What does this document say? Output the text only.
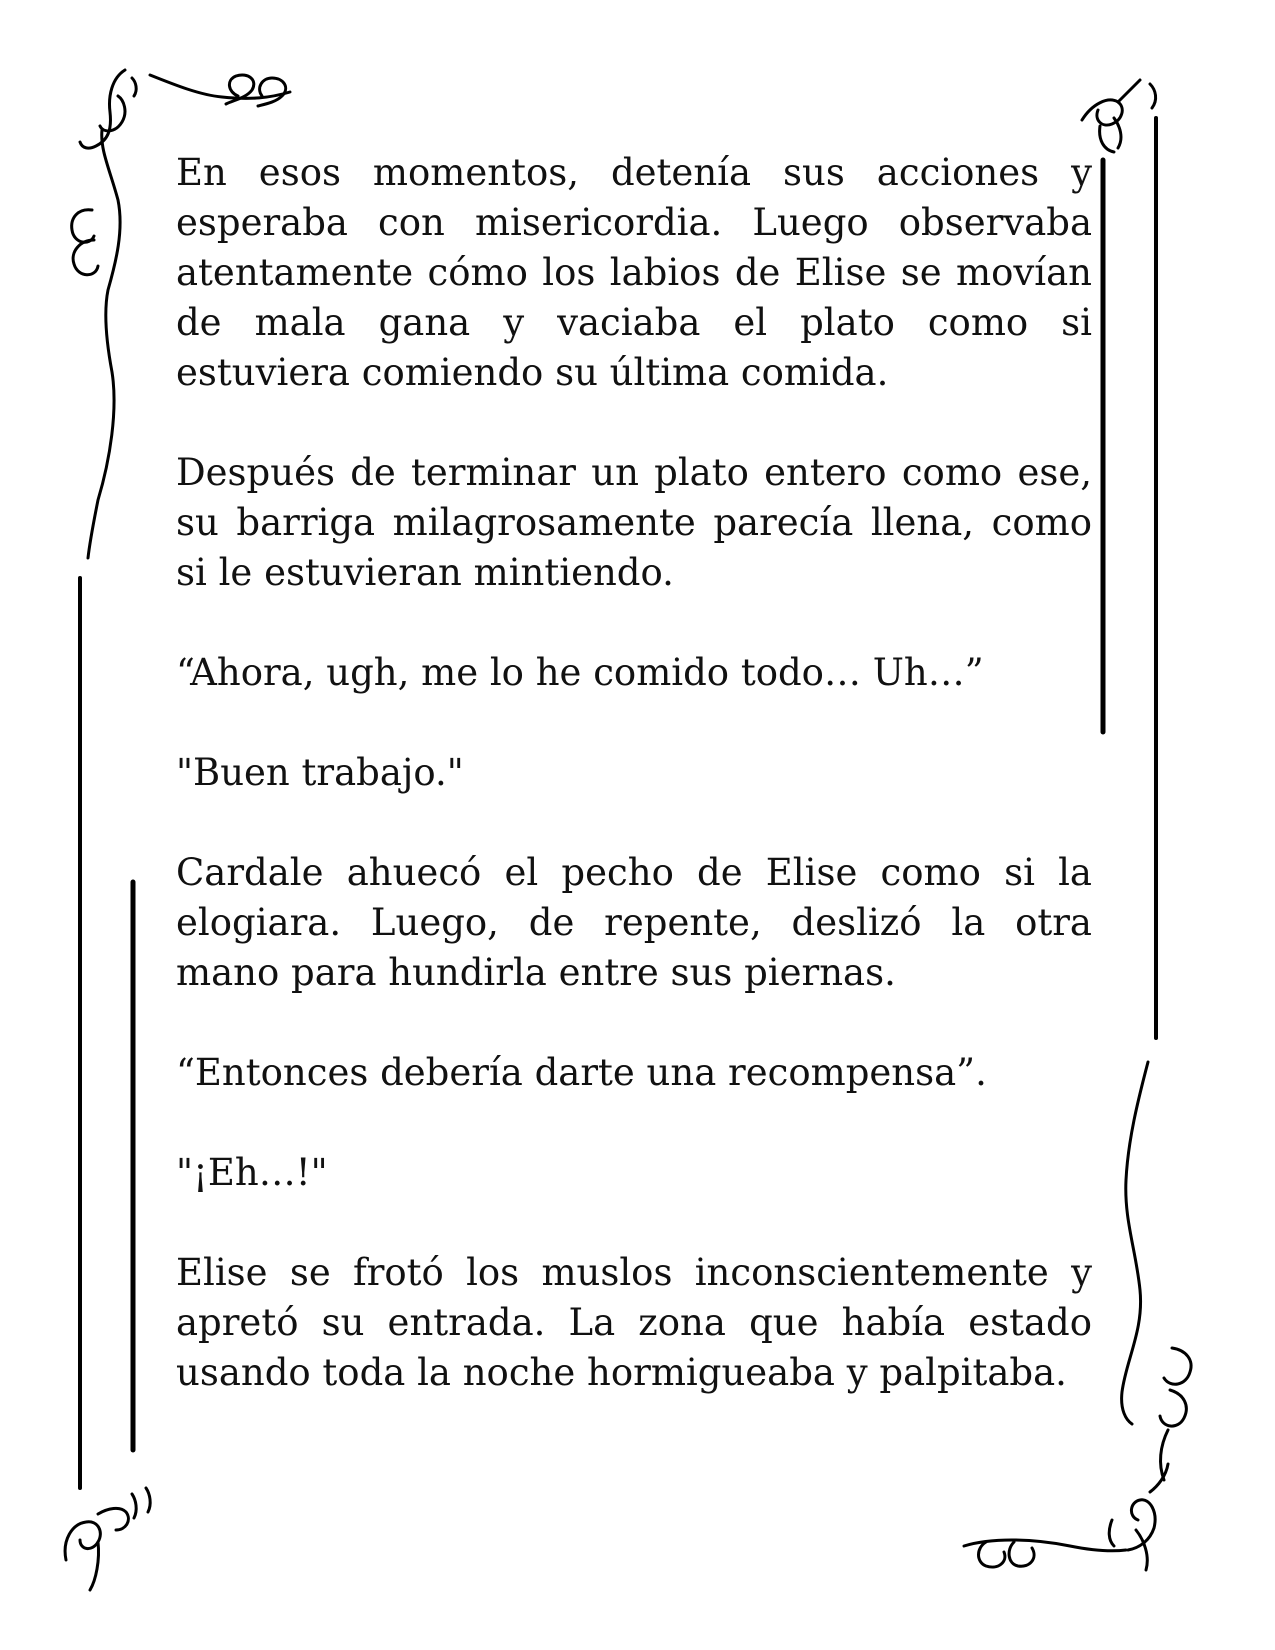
En esos momentos, detenía sus acciones y esperaba con misericordia. Luego observaba atentamente cómo los labios de Elise se movían de mala gana y vaciaba el plato como si estuviera comiendo su última comida.

Después de terminar un plato entero como ese, su barriga milagrosamente parecía llena, como si le estuvieran mintiendo.

“Ahora, ugh, me lo he comido todo… Uh…”

"Buen trabajo."

Cardale ahuecó el pecho de Elise como si la elogiara. Luego, de repente, deslizó la otra mano para hundirla entre sus piernas.

“Entonces debería darte una recompensa”.

"¡Eh…!"

Elise se frotó los muslos inconscientemente y apretó su entrada. La zona que había estado usando toda la noche hormigueaba y palpitaba.
